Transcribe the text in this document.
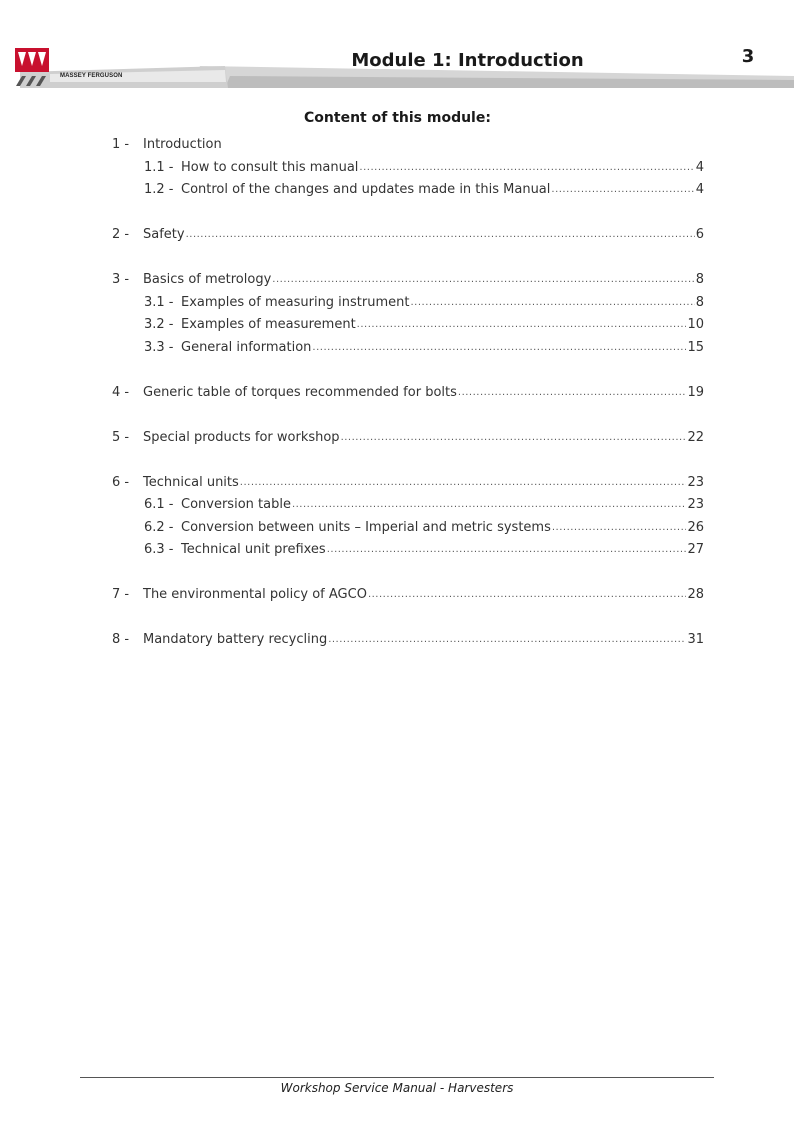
MASSEY FERGUSON
Module 1: Introduction	3
Content of this module:
1 - Introduction
1.1 - How to consult this manual .....	4
1.2 - Control of the changes and updates made in this Manual .....	4
2 - Safety .....	6
3 - Basics of metrology .....	8
3.1 - Examples of measuring instrument .....	8
3.2 - Examples of measurement .....	10
3.3 - General information .....	15
4 - Generic table of torques recommended for bolts .....	19
5 - Special products for workshop .....	22
6 - Technical units .....	23
6.1 - Conversion table .....	23
6.2 - Conversion between units – Imperial and metric systems .....	26
6.3 - Technical unit prefixes .....	27
7 - The environmental policy of AGCO .....	28
8 - Mandatory battery recycling .....	31
Workshop Service Manual - Harvesters
